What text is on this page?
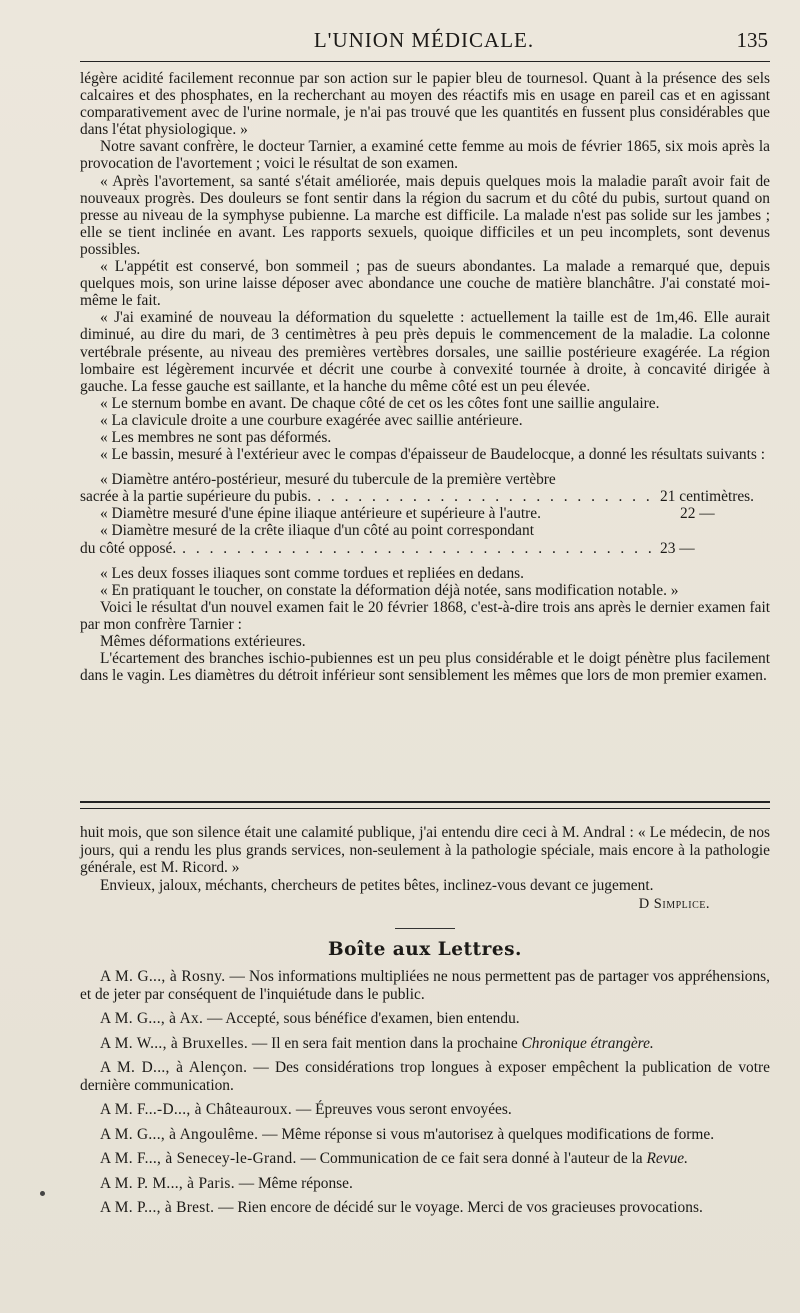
L'UNION MÉDICALE.	135

légère acidité facilement reconnue par son action sur le papier bleu de tournesol. Quant à la présence des sels calcaires et des phosphates, en la recherchant au moyen des réactifs mis en usage en pareil cas et en agissant comparativement avec de l'urine normale, je n'ai pas trouvé que les quantités en fussent plus considérables que dans l'état physiologique. »

Notre savant confrère, le docteur Tarnier, a examiné cette femme au mois de février 1865, six mois après la provocation de l'avortement ; voici le résultat de son examen.

« Après l'avortement, sa santé s'était améliorée, mais depuis quelques mois la maladie paraît avoir fait de nouveaux progrès. Des douleurs se font sentir dans la région du sacrum et du côté du pubis, surtout quand on presse au niveau de la symphyse pubienne. La marche est difficile. La malade n'est pas solide sur les jambes ; elle se tient inclinée en avant. Les rapports sexuels, quoique difficiles et un peu incomplets, sont devenus possibles.

« L'appétit est conservé, bon sommeil ; pas de sueurs abondantes. La malade a remarqué que, depuis quelques mois, son urine laisse déposer avec abondance une couche de matière blanchâtre. J'ai constaté moi-même le fait.

« J'ai examiné de nouveau la déformation du squelette : actuellement la taille est de 1m,46. Elle aurait diminué, au dire du mari, de 3 centimètres à peu près depuis le commencement de la maladie. La colonne vertébrale présente, au niveau des premières vertèbres dorsales, une saillie postérieure exagérée. La région lombaire est légèrement incurvée et décrit une courbe à convexité tournée à droite, à concavité dirigée à gauche. La fesse gauche est saillante, et la hanche du même côté est un peu élevée.

« Le sternum bombe en avant. De chaque côté de cet os les côtes font une saillie angulaire.

« La clavicule droite a une courbure exagérée avec saillie antérieure.

« Les membres ne sont pas déformés.

« Le bassin, mesuré à l'extérieur avec le compas d'épaisseur de Baudelocque, a donné les résultats suivants :

« Diamètre antéro-postérieur, mesuré du tubercule de la première vertèbre

sacrée à la partie supérieure du pubis. . . .	21 centimètres.
« Diamètre mesuré d'une épine iliaque antérieure et supérieure à l'autre.	22 —

« Diamètre mesuré de la crête iliaque d'un côté au point correspondant

du côté opposé. . . .	23 —

« Les deux fosses iliaques sont comme tordues et repliées en dedans.

« En pratiquant le toucher, on constate la déformation déjà notée, sans modification notable. »

Voici le résultat d'un nouvel examen fait le 20 février 1868, c'est-à-dire trois ans après le dernier examen fait par mon confrère Tarnier :

Mêmes déformations extérieures.

L'écartement des branches ischio-pubiennes est un peu plus considérable et le doigt pénètre plus facilement dans le vagin. Les diamètres du détroit inférieur sont sensiblement les mêmes que lors de mon premier examen.

huit mois, que son silence était une calamité publique, j'ai entendu dire ceci à M. Andral : « Le médecin, de nos jours, qui a rendu les plus grands services, non-seulement à la pathologie spéciale, mais encore à la pathologie générale, est M. Ricord. »

Envieux, jaloux, méchants, chercheurs de petites bêtes, inclinez-vous devant ce jugement.

D Simplice.

Boîte aux Lettres.

A M. G..., à Rosny. — Nos informations multipliées ne nous permettent pas de partager vos appréhensions, et de jeter par conséquent de l'inquiétude dans le public.

A M. G..., à Ax. — Accepté, sous bénéfice d'examen, bien entendu.

A M. W..., à Bruxelles. — Il en sera fait mention dans la prochaine Chronique étrangère.

A M. D..., à Alençon. — Des considérations trop longues à exposer empêchent la publication de votre dernière communication.

A M. F...-D..., à Châteauroux. — Épreuves vous seront envoyées.

A M. G..., à Angoulême. — Même réponse si vous m'autorisez à quelques modifications de forme.

A M. F..., à Senecey-le-Grand. — Communication de ce fait sera donné à l'auteur de la Revue.

A M. P. M..., à Paris. — Même réponse.

A M. P..., à Brest. — Rien encore de décidé sur le voyage. Merci de vos gracieuses provocations.
